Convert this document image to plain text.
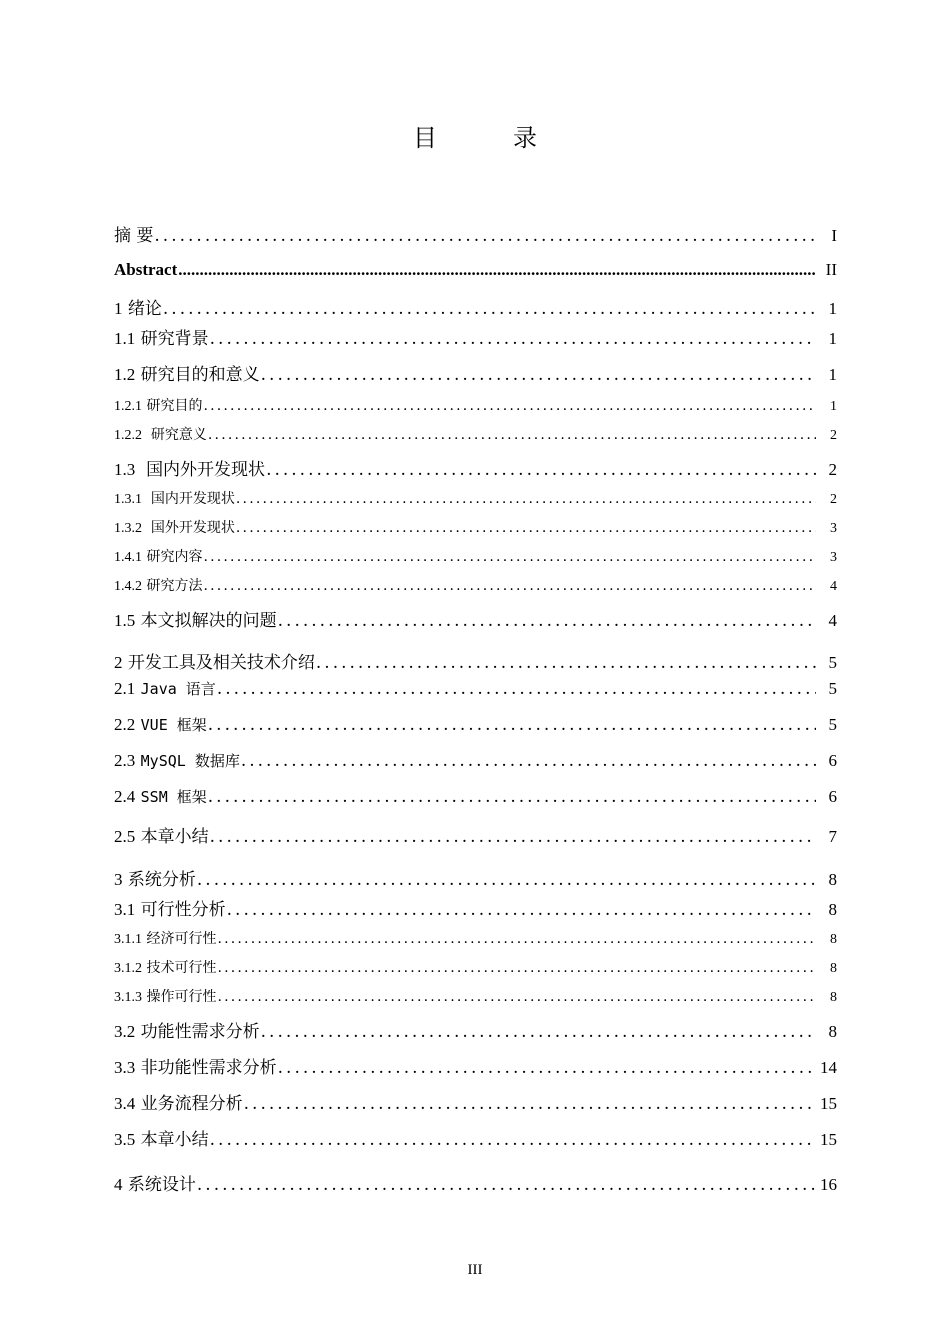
目　录
摘 要 .....	I
Abstract .....	II
1 绪论 .....	1
1.1 研究背景 .....	1
1.2 研究目的和意义 .....	1
1.2.1 研究目的 .....	1
1.2.2 研究意义 .....	2
1.3 国内外开发现状 .....	2
1.3.1 国内开发现状 .....	2
1.3.2 国外开发现状 .....	3
1.4.1 研究内容 .....	3
1.4.2 研究方法 .....	4
1.5 本文拟解决的问题 .....	4
2 开发工具及相关技术介绍 .....	5
2.1 Java 语言 .....	5
2.2 VUE 框架 .....	5
2.3 MySQL 数据库 .....	6
2.4 SSM 框架 .....	6
2.5 本章小结 .....	7
3 系统分析 .....	8
3.1 可行性分析 .....	8
3.1.1 经济可行性 .....	8
3.1.2 技术可行性 .....	8
3.1.3 操作可行性 .....	8
3.2 功能性需求分析 .....	8
3.3 非功能性需求分析 .....	14
3.4 业务流程分析 .....	15
3.5 本章小结 .....	15
4 系统设计 .....	16
III
